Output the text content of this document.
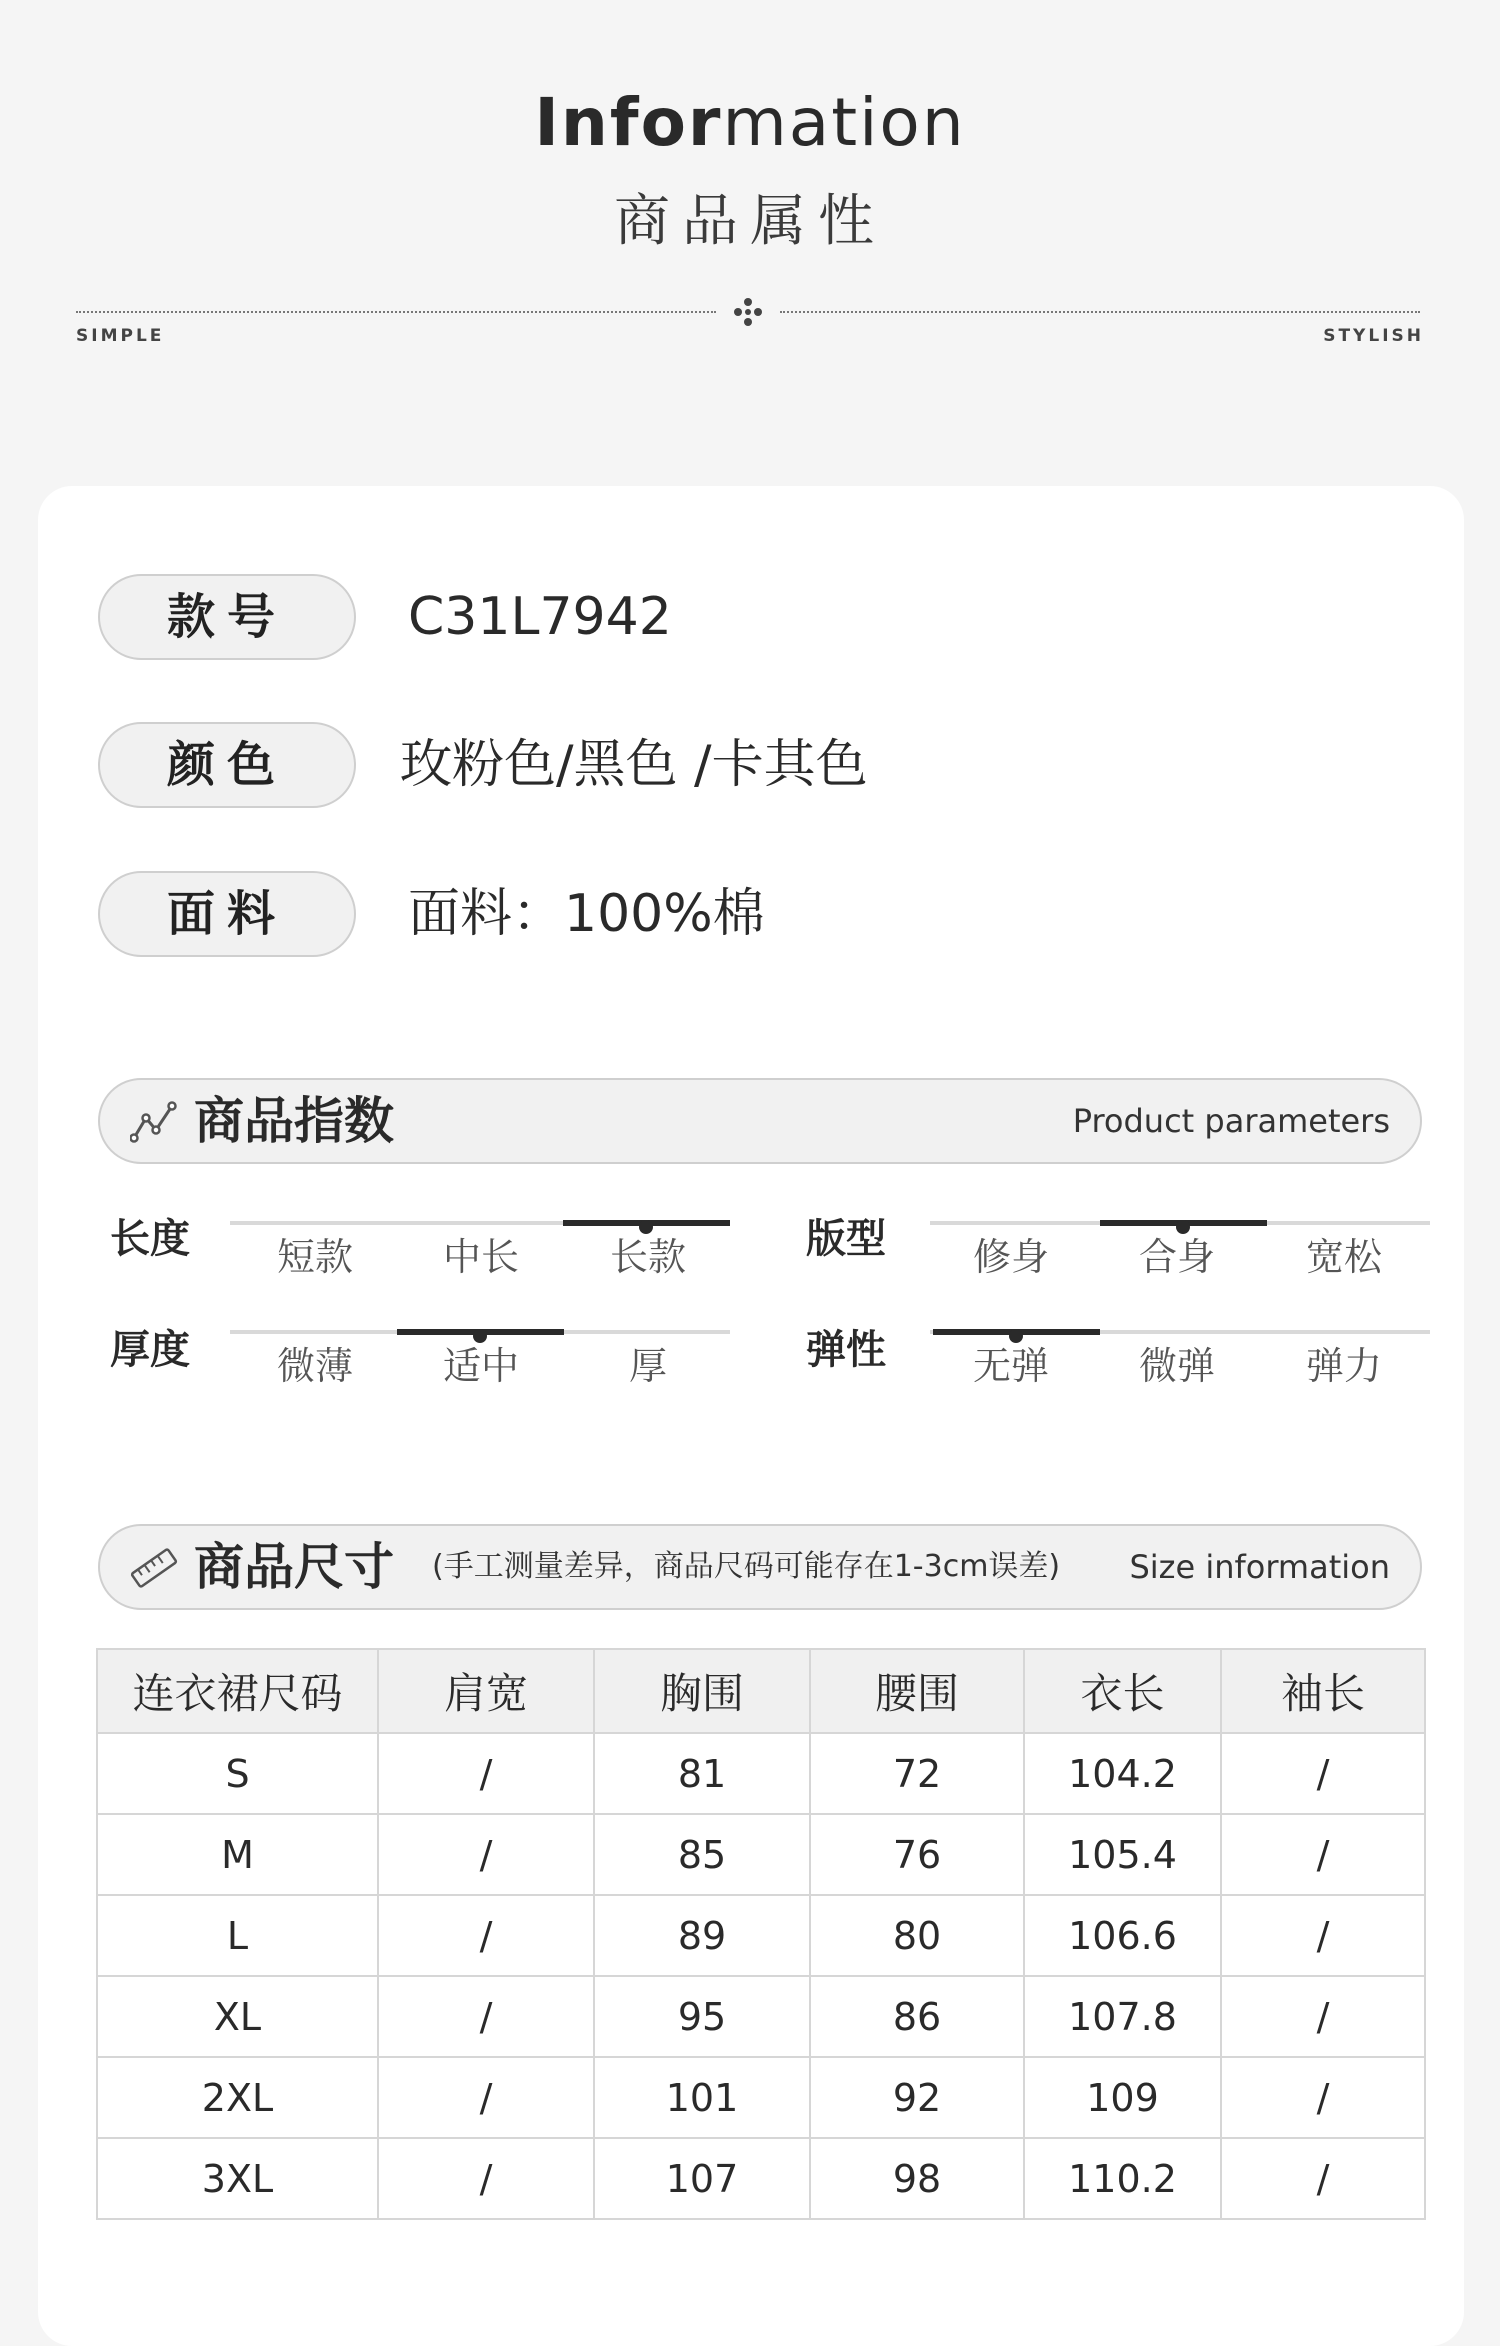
Information
商品属性
SIMPLE	STYLISH
款号	C31L7942
颜色	玫粉色/黑色 /卡其色
面料	面料：100%棉
商品指数	Product parameters
长度	短款	中长	长款	版型	修身	合身	宽松
厚度	微薄	适中	厚	弹性	无弹	微弹	弹力
商品尺寸 (手工测量差异，商品尺码可能存在1-3cm误差) Size information
连衣裙尺码	肩宽	胸围	腰围	衣长	袖长
S	/	81	72	104.2	/
M	/	85	76	105.4	/
L	/	89	80	106.6	/
XL	/	95	86	107.8	/
2XL	/	101	92	109	/
3XL	/	107	98	110.2	/
